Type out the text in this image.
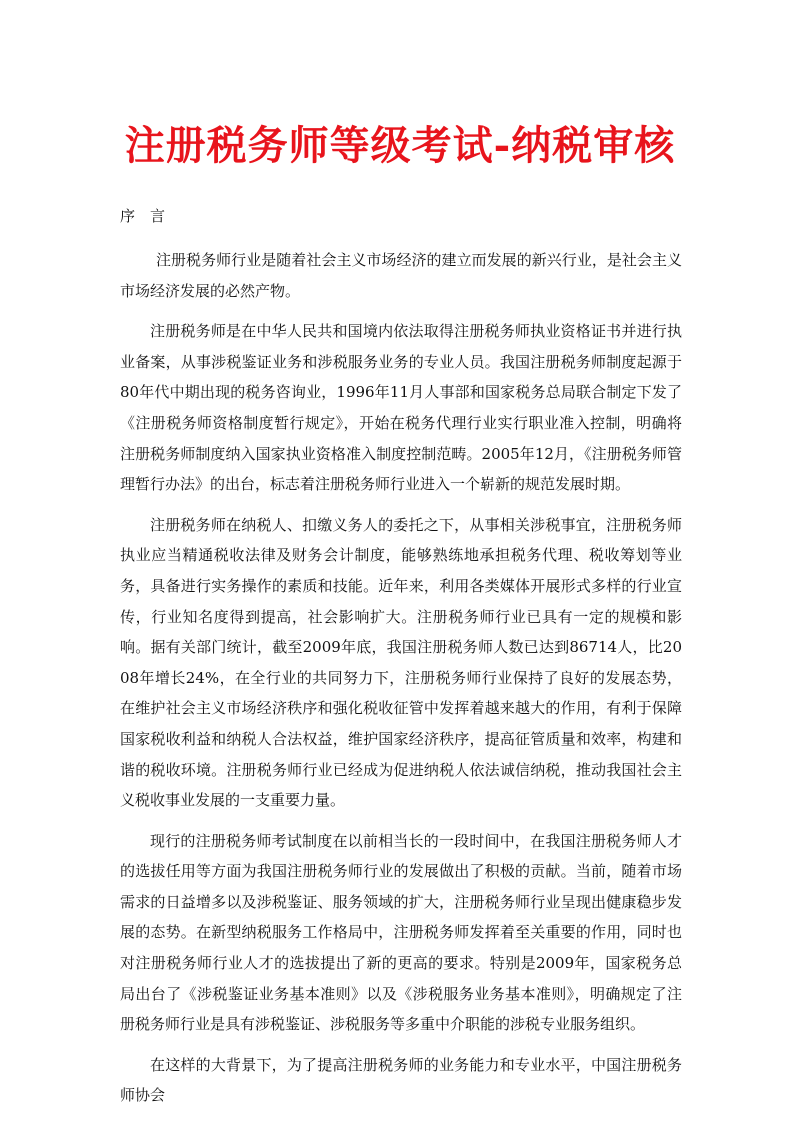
注册税务师等级考试-纳税审核
序　言

注册税务师行业是随着社会主义市场经济的建立而发展的新兴行业，是社会主义市场经济发展的必然产物。

注册税务师是在中华人民共和国境内依法取得注册税务师执业资格证书并进行执业备案，从事涉税鉴证业务和涉税服务业务的专业人员。我国注册税务师制度起源于80年代中期出现的税务咨询业，1996年11月人事部和国家税务总局联合制定下发了《注册税务师资格制度暂行规定》，开始在税务代理行业实行职业准入控制，明确将注册税务师制度纳入国家执业资格准入制度控制范畴。2005年12月，《注册税务师管理暂行办法》的出台，标志着注册税务师行业进入一个崭新的规范发展时期。

注册税务师在纳税人、扣缴义务人的委托之下，从事相关涉税事宜，注册税务师执业应当精通税收法律及财务会计制度，能够熟练地承担税务代理、税收筹划等业务，具备进行实务操作的素质和技能。近年来，利用各类媒体开展形式多样的行业宣传，行业知名度得到提高，社会影响扩大。注册税务师行业已具有一定的规模和影响。据有关部门统计，截至2009年底，我国注册税务师人数已达到86714人，比2008年增长24%，在全行业的共同努力下，注册税务师行业保持了良好的发展态势，在维护社会主义市场经济秩序和强化税收征管中发挥着越来越大的作用，有利于保障国家税收利益和纳税人合法权益，维护国家经济秩序，提高征管质量和效率，构建和谐的税收环境。注册税务师行业已经成为促进纳税人依法诚信纳税，推动我国社会主义税收事业发展的一支重要力量。

现行的注册税务师考试制度在以前相当长的一段时间中，在我国注册税务师人才的选拔任用等方面为我国注册税务师行业的发展做出了积极的贡献。当前，随着市场需求的日益增多以及涉税鉴证、服务领域的扩大，注册税务师行业呈现出健康稳步发展的态势。在新型纳税服务工作格局中，注册税务师发挥着至关重要的作用，同时也对注册税务师行业人才的选拔提出了新的更高的要求。特别是2009年，国家税务总局出台了《涉税鉴证业务基本准则》以及《涉税服务业务基本准则》，明确规定了注册税务师行业是具有涉税鉴证、涉税服务等多重中介职能的涉税专业服务组织。

在这样的大背景下，为了提高注册税务师的业务能力和专业水平，中国注册税务师协会
